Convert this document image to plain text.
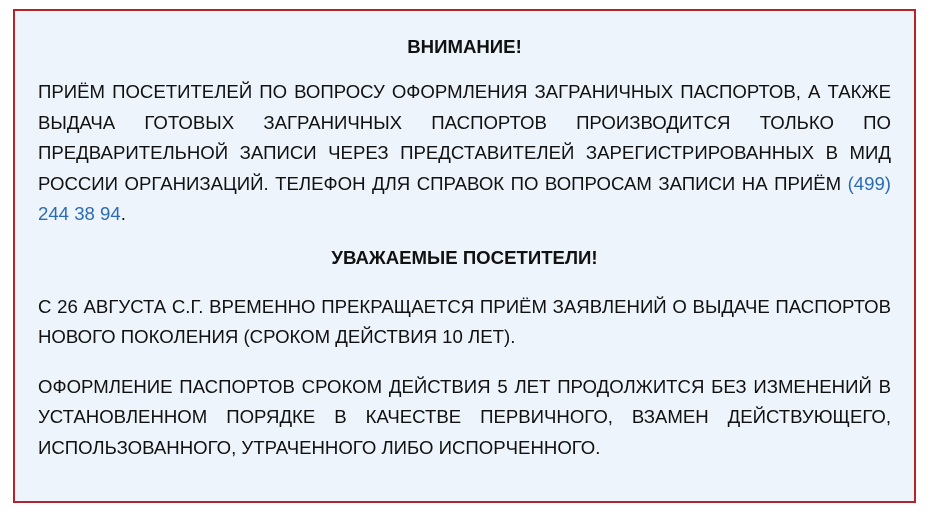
ВНИМАНИЕ!

ПРИЁМ ПОСЕТИТЕЛЕЙ ПО ВОПРОСУ ОФОРМЛЕНИЯ ЗАГРАНИЧНЫХ ПАСПОРТОВ, А ТАКЖЕ ВЫДАЧА ГОТОВЫХ ЗАГРАНИЧНЫХ ПАСПОРТОВ ПРОИЗВОДИТСЯ ТОЛЬКО ПО ПРЕДВАРИТЕЛЬНОЙ ЗАПИСИ ЧЕРЕЗ ПРЕДСТАВИТЕЛЕЙ ЗАРЕГИСТРИРОВАННЫХ В МИД РОССИИ ОРГАНИЗАЦИЙ. ТЕЛЕФОН ДЛЯ СПРАВОК ПО ВОПРОСАМ ЗАПИСИ НА ПРИЁМ (499) 244 38 94.

УВАЖАЕМЫЕ ПОСЕТИТЕЛИ!

С 26 АВГУСТА С.Г. ВРЕМЕННО ПРЕКРАЩАЕТСЯ ПРИЁМ ЗАЯВЛЕНИЙ О ВЫДАЧЕ ПАСПОРТОВ НОВОГО ПОКОЛЕНИЯ (СРОКОМ ДЕЙСТВИЯ 10 ЛЕТ).

ОФОРМЛЕНИЕ ПАСПОРТОВ СРОКОМ ДЕЙСТВИЯ 5 ЛЕТ ПРОДОЛЖИТСЯ БЕЗ ИЗМЕНЕНИЙ В УСТАНОВЛЕННОМ ПОРЯДКЕ В КАЧЕСТВЕ ПЕРВИЧНОГО, ВЗАМЕН ДЕЙСТВУЮЩЕГО, ИСПОЛЬЗОВАННОГО, УТРАЧЕННОГО ЛИБО ИСПОРЧЕННОГО.
